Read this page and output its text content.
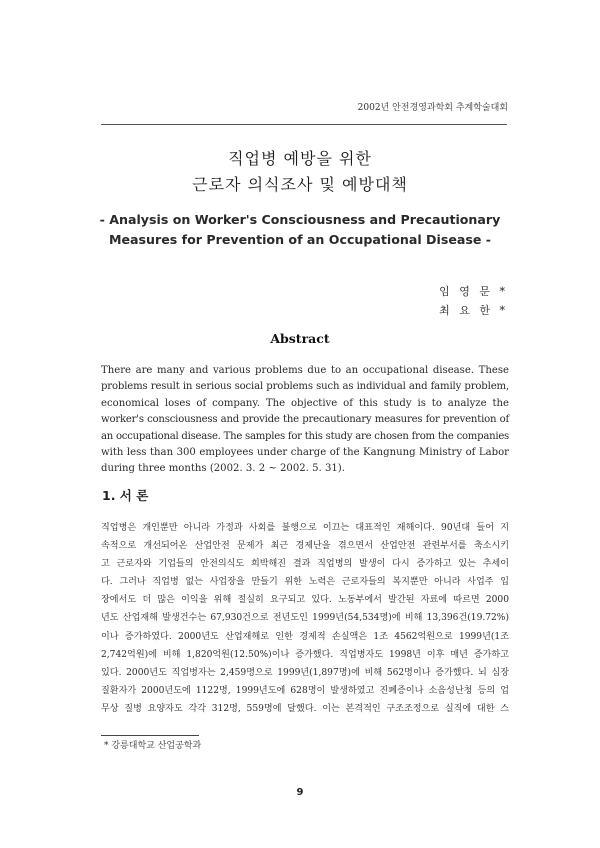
2002년 안전경영과학회 추계학술대회
직업병 예방을 위한
근로자 의식조사 및 예방대책
- Analysis on Worker's Consciousness and Precautionary
Measures for Prevention of an Occupational Disease -
임 영 문 *
최 요 한 *
Abstract
There are many and various problems due to an occupational disease. These
problems result in serious social problems such as individual and family problem,
economical loses of company. The objective of this study is to analyze the
worker's consciousness and provide the precautionary measures for prevention of
an occupational disease. The samples for this study are chosen from the companies
with less than 300 employees under charge of the Kangnung Ministry of Labor
during three months (2002. 3. 2 ~ 2002. 5. 31).
1. 서 론
직업병은 개인뿐만 아니라 가정과 사회를 불행으로 이끄는 대표적인 재해이다. 90년대 들어 지
속적으로 개선되어온 산업안전 문제가 최근 경제난을 겪으면서 산업안전 관련부서를 축소시키
고 근로자와 기업들의 안전의식도 희박해진 결과 직업병의 발생이 다시 증가하고 있는 추세이
다. 그러나 직업병 없는 사업장을 만들기 위한 노력은 근로자들의 복지뿐만 아니라 사업주 입
장에서도 더 많은 이익을 위해 절실히 요구되고 있다. 노동부에서 발간된 자료에 따르면 2000
년도 산업재해 발생건수는 67,930건으로 전년도인 1999년(54,534명)에 비해 13,396건(19.72%)
이나 증가하였다. 2000년도 산업재해로 인한 경제적 손실액은 1조 4562억원으로 1999년(1조
2,742억원)에 비해 1,820억원(12.50%)이나 증가했다. 직업병자도 1998년 이후 매년 증가하고
있다. 2000년도 직업병자는 2,459명으로 1999년(1,897명)에 비해 562명이나 증가했다. 뇌 심장
질환자가 2000년도에 1122명, 1999년도에 628명이 발생하였고 진폐증이나 소음성난청 등의 업
무상 질병 요양자도 각각 312명, 559명에 달했다. 이는 본격적인 구조조정으로 실직에 대한 스
* 강릉대학교 산업공학과
9
